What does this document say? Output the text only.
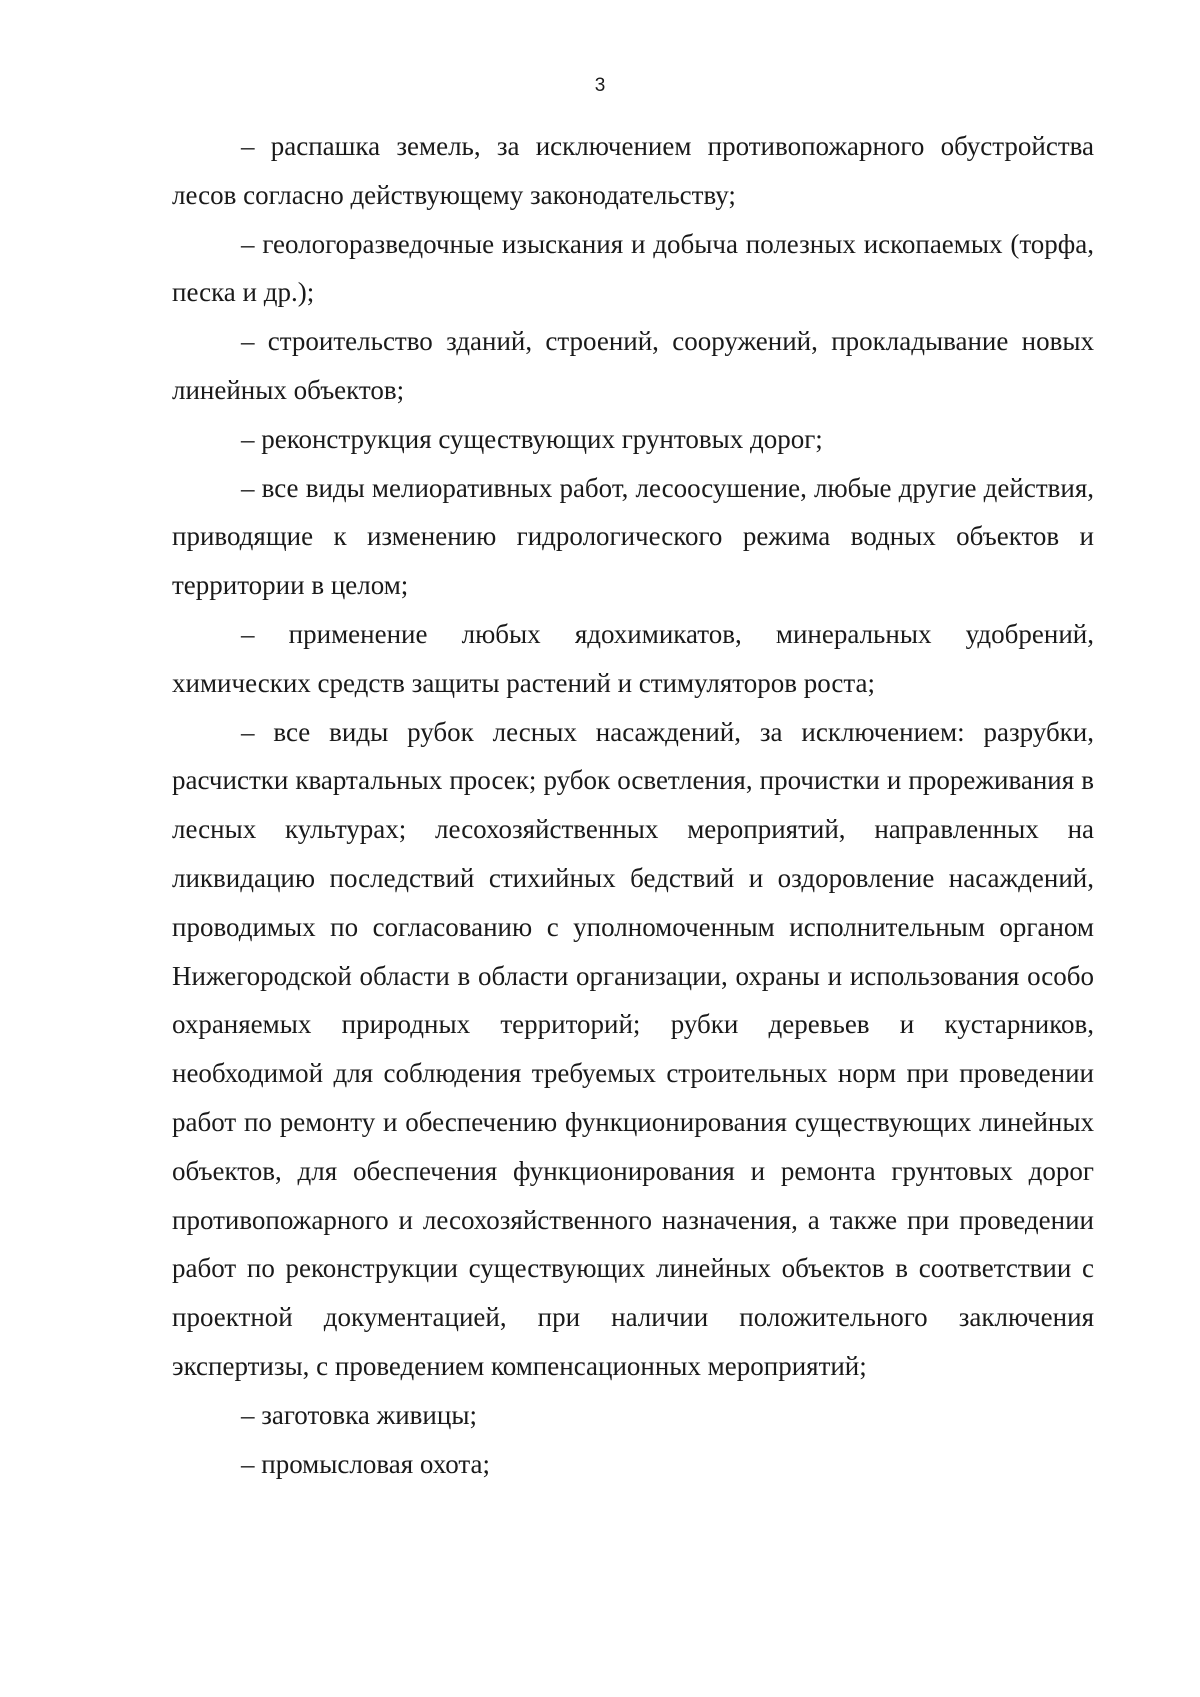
3

– распашка земель, за исключением противопожарного обустройства лесов согласно действующему законодательству;

– геологоразведочные изыскания и добыча полезных ископаемых (торфа, песка и др.);

– строительство зданий, строений, сооружений, прокладывание новых линейных объектов;

– реконструкция существующих грунтовых дорог;

– все виды мелиоративных работ, лесоосушение, любые другие действия, приводящие к изменению гидрологического режима водных объектов и территории в целом;

– применение любых ядохимикатов, минеральных удобрений, химических средств защиты растений и стимуляторов роста;

– все виды рубок лесных насаждений, за исключением: разрубки, расчистки квартальных просек; рубок осветления, прочистки и прореживания в лесных культурах; лесохозяйственных мероприятий, направленных на ликвидацию последствий стихийных бедствий и оздоровление насаждений, проводимых по согласованию с уполномоченным исполнительным органом Нижегородской области в области организации, охраны и использования особо охраняемых природных территорий; рубки деревьев и кустарников, необходимой для соблюдения требуемых строительных норм при проведении работ по ремонту и обеспечению функционирования существующих линейных объектов, для обеспечения функционирования и ремонта грунтовых дорог противопожарного и лесохозяйственного назначения, а также при проведении работ по реконструкции существующих линейных объектов в соответствии с проектной документацией, при наличии положительного заключения экспертизы, с проведением компенсационных мероприятий;

– заготовка живицы;

– промысловая охота;
